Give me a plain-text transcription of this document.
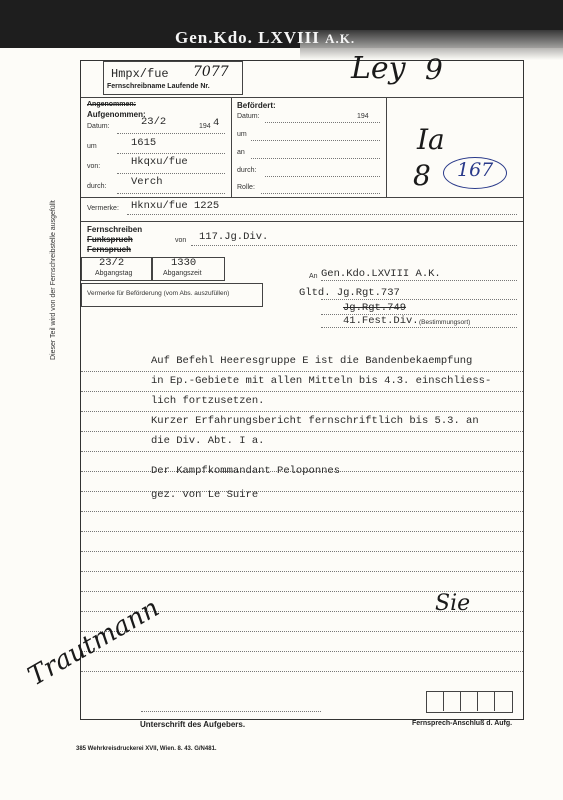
Gen.Kdo. LXVIII A.K.
Dieser Teil wird von der Fernschreibstelle ausgefüllt
Hmpx/fue 7077
Fernschreibname Laufende Nr.
Ley 9
Angenommen:
Aufgenommen:
Datum:	23/2	194 4
um	1615
von:	Hkqxu/fue
durch: Verch
Befördert:
Datum:	194
um
an
durch:
Rolle:
Ia
8 167
Vermerke: Hknxu/fue 1225
Fernschreiben
Funkspruch
Fernspruch
von 117.Jg.Div.
23/2
Abgangstag
1330
Abgangszeit
Vermerke für Beförderung (vom Abs. auszufüllen)
An Gen.Kdo.LXVIII A.K.
Gltd. Jg.Rgt.737
Jg.Rgt.749
41.Fest.Div. (Bestimmungsort)
Auf Befehl Heeresgruppe E ist die Bandenbekaempfung
in Ep.-Gebiete mit allen Mitteln bis 4.3. einschliess-
lich fortzusetzen.
Kurzer Erfahrungsbericht fernschriftlich bis 5.3. an
die Div. Abt. I a.
Der Kampfkommandant Peloponnes
gez. von Le Suire
Sie
Trautmann
Unterschrift des Aufgebers.	Fernsprech-Anschluß d. Aufg.
385 Wehrkreisdruckerei XVII, Wien. 8. 43. G/N481.
